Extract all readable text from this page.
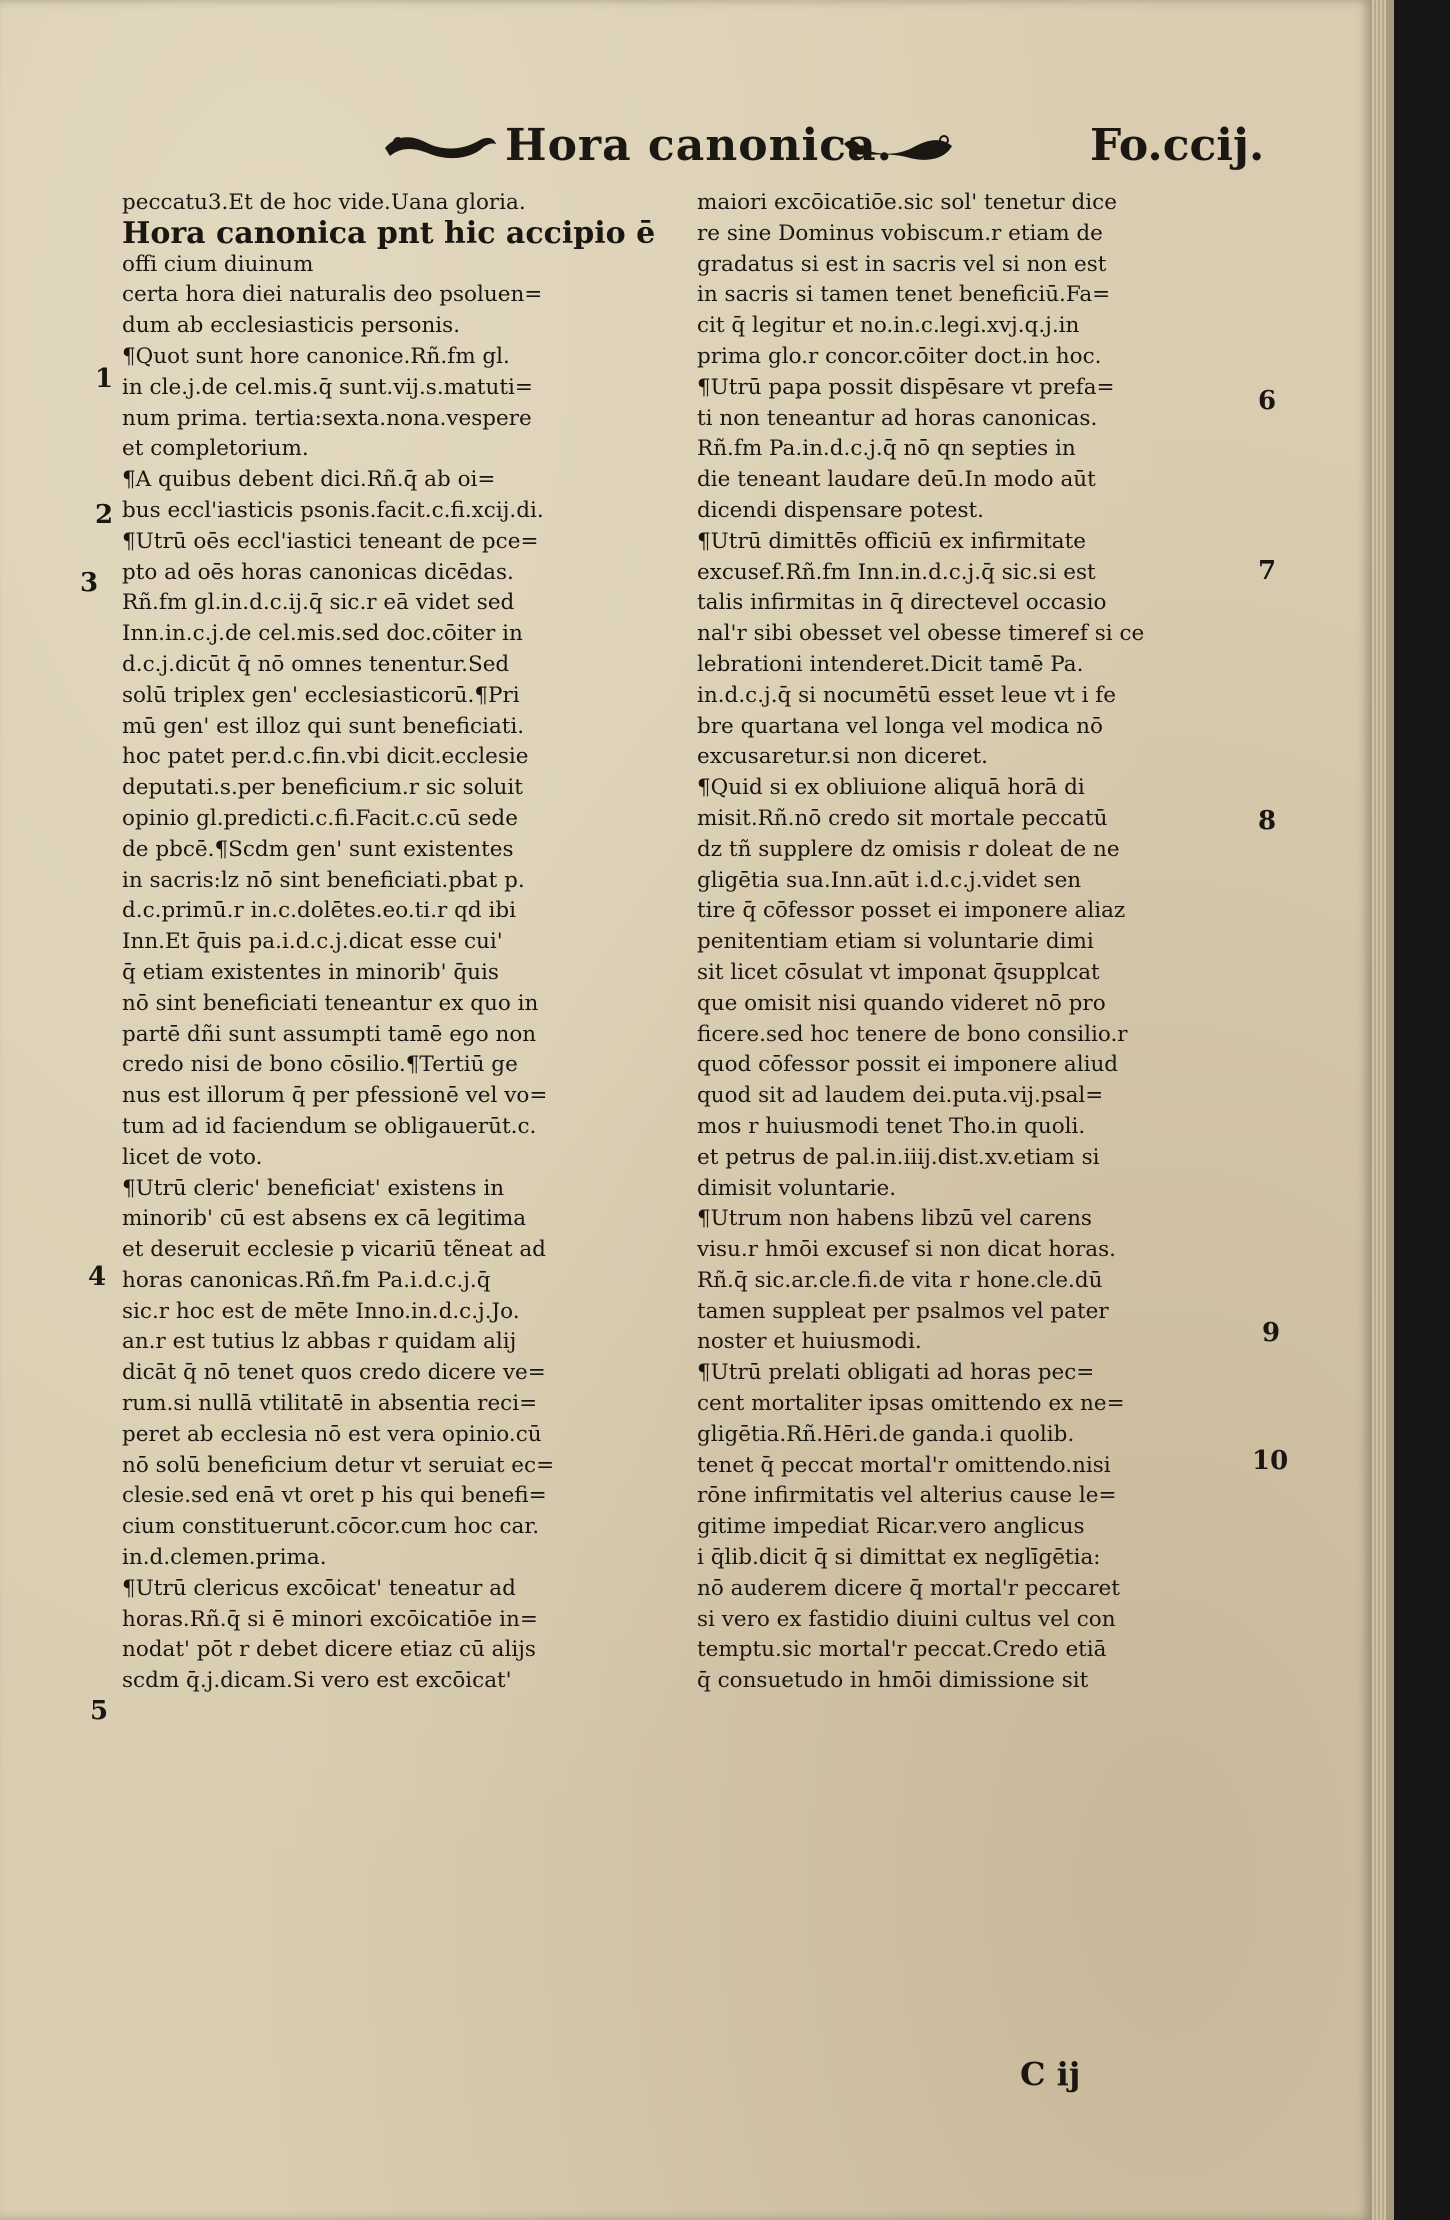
Hora canonica.	Fo.ccij.
peccatu3.Et de hoc vide.Uana gloria.
Hora canonica pnt hic accipio ē
offi cium diuinum
certa hora diei naturalis deo psoluen=
dum ab ecclesiasticis personis.
¶Quot sunt hore canonice.Rñ.fm gl.
in cle.j.de cel.mis.q̄ sunt.vij.s.matuti=
num prima. tertia:sexta.nona.vespere
et completorium.
¶A quibus debent dici.Rñ.q̄ ab oi=
bus eccl'iasticis psonis.facit.c.fi.xcij.di.
¶Utrū oēs eccl'iastici teneant de pce=
pto ad oēs horas canonicas dicēdas.
Rñ.fm gl.in.d.c.ij.q̄ sic.r eā videt sed
Inn.in.c.j.de cel.mis.sed doc.cōiter in
d.c.j.dicūt q̄ nō omnes tenentur.Sed
solū triplex gen' ecclesiasticorū.¶Pri
mū gen' est illoz qui sunt beneficiati.
hoc patet per.d.c.fin.vbi dicit.ecclesie
deputati.s.per beneficium.r sic soluit
opinio gl.predicti.c.fi.Facit.c.cū sede
de pbcē.¶Scdm gen' sunt existentes
in sacris:lz nō sint beneficiati.pbat p.
d.c.primū.r in.c.dolētes.eo.ti.r qd ibi
Inn.Et q̄uis pa.i.d.c.j.dicat esse cui'
q̄ etiam existentes in minorib' q̄uis
nō sint beneficiati teneantur ex quo in
partē dñi sunt assumpti tamē ego non
credo nisi de bono cōsilio.¶Tertiū ge
nus est illorum q̄ per pfessionē vel vo=
tum ad id faciendum se obligauerūt.c.
licet de voto.
¶Utrū cleric' beneficiat' existens in
minorib' cū est absens ex cā legitima
et deseruit ecclesie p vicariū tẽneat ad
horas canonicas.Rñ.fm Pa.i.d.c.j.q̄
sic.r hoc est de mēte Inno.in.d.c.j.Jo.
an.r est tutius lz abbas r quidam alij
dicāt q̄ nō tenet quos credo dicere ve=
rum.si nullā vtilitatē in absentia reci=
peret ab ecclesia nō est vera opinio.cū
nō solū beneficium detur vt seruiat ec=
clesie.sed enā vt oret p his qui benefi=
cium constituerunt.cōcor.cum hoc car.
in.d.clemen.prima.
¶Utrū clericus excōicat' teneatur ad
horas.Rñ.q̄ si ē minori excōicatiōe in=
nodat' pōt r debet dicere etiaz cū alijs
scdm q̄.j.dicam.Si vero est excōicat'
maiori excōicatiōe.sic sol' tenetur dice
re sine Dominus vobiscum.r etiam de
gradatus si est in sacris vel si non est
in sacris si tamen tenet beneficiū.Fa=
cit q̄ legitur et no.in.c.legi.xvj.q.j.in
prima glo.r concor.cōiter doct.in hoc.
¶Utrū papa possit dispēsare vt prefa=
ti non teneantur ad horas canonicas.
Rñ.fm Pa.in.d.c.j.q̄ nō qn septies in
die teneant laudare deū.In modo aūt
dicendi dispensare potest.
¶Utrū dimittēs officiū ex infirmitate
excusef.Rñ.fm Inn.in.d.c.j.q̄ sic.si est
talis infirmitas in q̄ directevel occasio
nal'r sibi obesset vel obesse timeref si ce
lebrationi intenderet.Dicit tamē Pa.
in.d.c.j.q̄ si nocumētū esset leue vt i fe
bre quartana vel longa vel modica nō
excusaretur.si non diceret.
¶Quid si ex obliuione aliquā horā di
misit.Rñ.nō credo sit mortale peccatū
dz tñ supplere dz omisis r doleat de ne
gligētia sua.Inn.aūt i.d.c.j.videt sen
tire q̄ cōfessor posset ei imponere aliaz
penitentiam etiam si voluntarie dimi
sit licet cōsulat vt imponat q̄supplcat
que omisit nisi quando videret nō pro
ficere.sed hoc tenere de bono consilio.r
quod cōfessor possit ei imponere aliud
quod sit ad laudem dei.puta.vij.psal=
mos r huiusmodi tenet Tho.in quoli.
et petrus de pal.in.iiij.dist.xv.etiam si
dimisit voluntarie.
¶Utrum non habens libzū vel carens
visu.r hmōi excusef si non dicat horas.
Rñ.q̄ sic.ar.cle.fi.de vita r hone.cle.dū
tamen suppleat per psalmos vel pater
noster et huiusmodi.
¶Utrū prelati obligati ad horas pec=
cent mortaliter ipsas omittendo ex ne=
gligētia.Rñ.Hēri.de ganda.i quolib.
tenet q̄ peccat mortal'r omittendo.nisi
rōne infirmitatis vel alterius cause le=
gitime impediat Ricar.vero anglicus
i q̄lib.dicit q̄ si dimittat ex neglīgētia:
nō auderem dicere q̄ mortal'r peccaret
si vero ex fastidio diuini cultus vel con
temptu.sic mortal'r peccat.Credo etiā
q̄ consuetudo in hmōi dimissione sit
1
2
3
4
5
6
7
8
9
10
C ij
